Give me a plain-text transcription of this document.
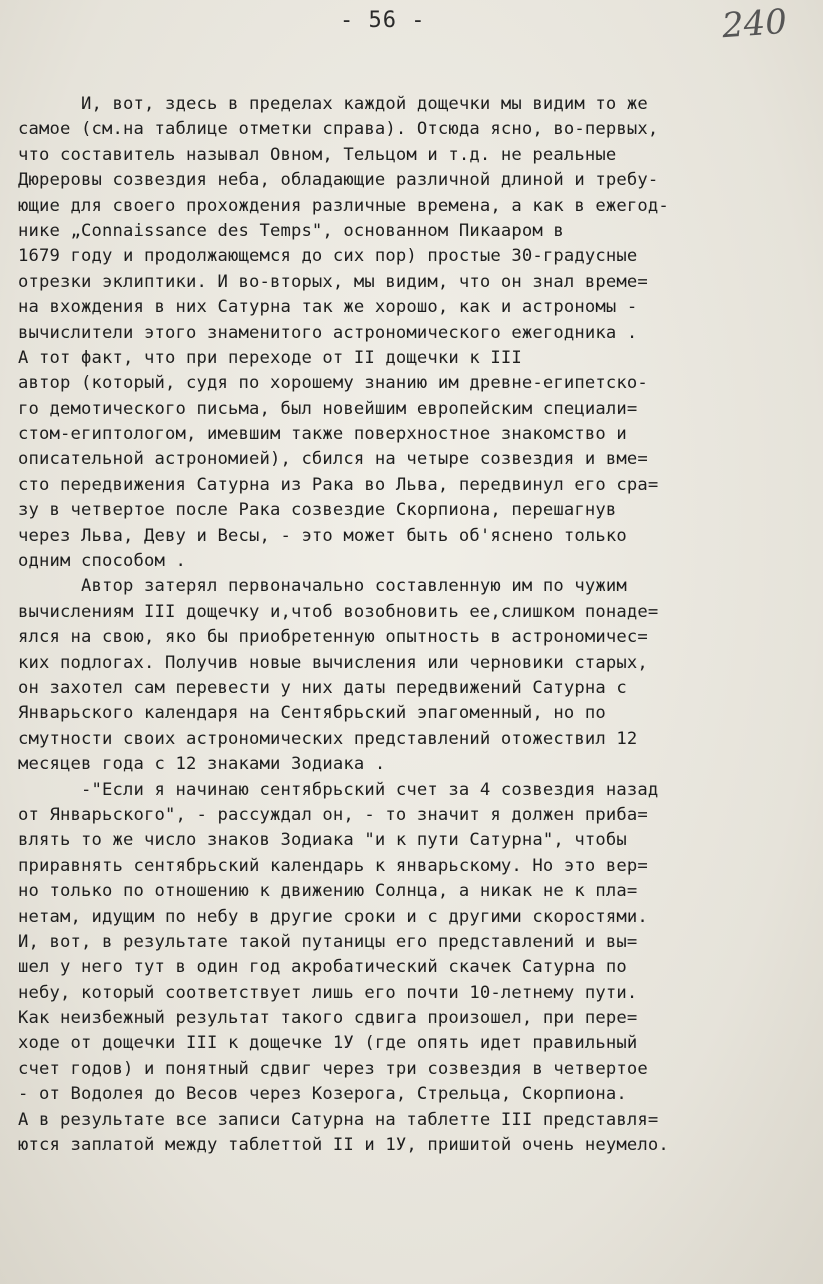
- 56 -	240
И, вот, здесь в пределах каждой дощечки мы видим то же
самое (см.на таблице отметки справа). Отсюда ясно, во-первых,
что составитель называл Овном, Тельцом и т.д. не реальные
Дюреровы созвездия неба, обладающие различной длиной и требу-
ющие для своего прохождения различные времена, а как в ежегод-
нике „Connaissance des Temps", основанном Пикааром в
1679 году и продолжающемся до сих пор) простые 30-градусные
отрезки эклиптики. И во-вторых, мы видим, что он знал време=
на вхождения в них Сатурна так же хорошо, как и астрономы -
вычислители этого знаменитого астрономического ежегодника .
А тот факт, что при переходе от II дощечки к III
автор (который, судя по хорошему знанию им древне-египетско-
го демотического письма, был новейшим европейским специали=
стом-египтологом, имевшим также поверхностное знакомство и
описательной астрономией), сбился на четыре созвездия и вме=
сто передвижения Сатурна из Рака во Льва, передвинул его сра=
зу в четвертое после Рака созвездие Скорпиона, перешагнув
через Льва, Деву и Весы, - это может быть об'яснено только
одним способом .
Автор затерял первоначально составленную им по чужим
вычислениям III дощечку и,чтоб возобновить ее,слишком понаде=
ялся на свою, яко бы приобретенную опытность в астрономичес=
ких подлогах. Получив новые вычисления или черновики старых,
он захотел сам перевести у них даты передвижений Сатурна с
Январьского календаря на Сентябрьский эпагоменный, но по
смутности своих астрономических представлений отожествил 12
месяцев года с 12 знаками Зодиака .
-"Если я начинаю сентябрьский счет за 4 созвездия назад
от Январьского", - рассуждал он, - то значит я должен приба=
влять то же число знаков Зодиака "и к пути Сатурна", чтобы
приравнять сентябрьский календарь к январьскому. Но это вер=
но только по отношению к движению Солнца, а никак не к пла=
нетам, идущим по небу в другие сроки и с другими скоростями.
И, вот, в результате такой путаницы его представлений и вы=
шел у него тут в один год акробатический скачек Сатурна по
небу, который соответствует лишь его почти 10-летнему пути.
Как неизбежный результат такого сдвига произошел, при пере=
ходе от дощечки III к дощечке 1У (где опять идет правильный
счет годов) и понятный сдвиг через три созвездия в четвертое
- от Водолея до Весов через Козерога, Стрельца, Скорпиона.
А в результате все записи Сатурна на таблетте III представля=
ются заплатой между таблеттой II и 1У, пришитой очень неумело.
